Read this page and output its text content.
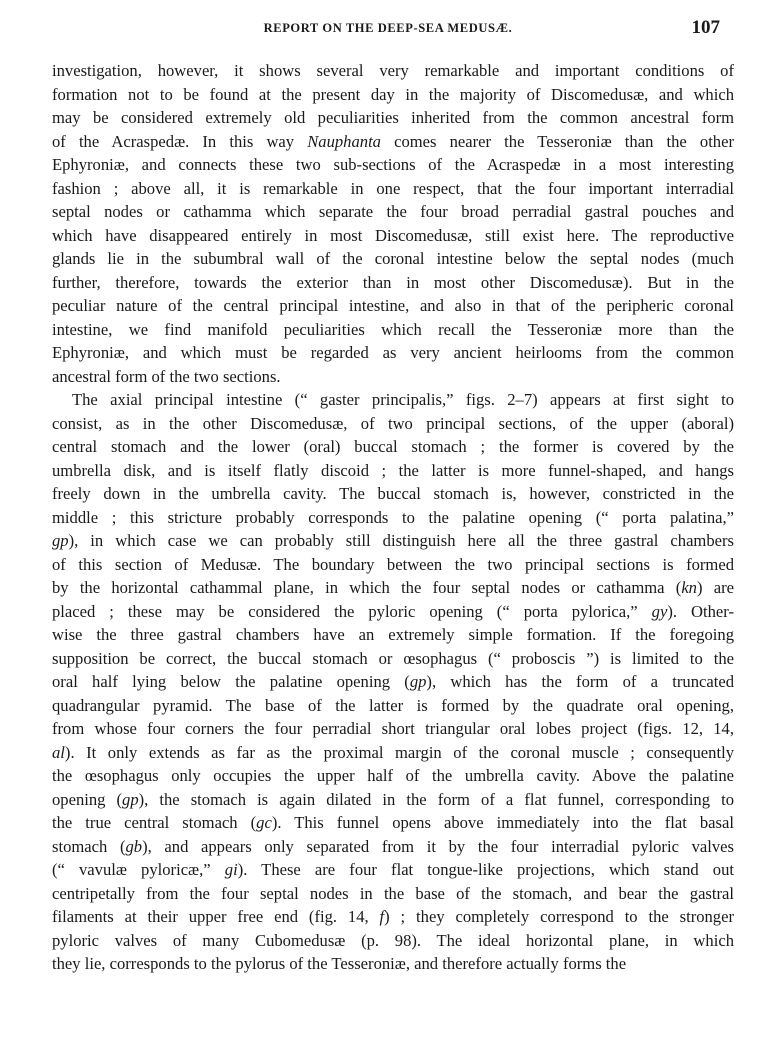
REPORT ON THE DEEP-SEA MEDUSÆ.	107
investigation, however, it shows several very remarkable and important conditions of
formation not to be found at the present day in the majority of Discomedusæ, and which
may be considered extremely old peculiarities inherited from the common ancestral form
of the Acraspedæ. In this way Nauphanta comes nearer the Tesseroniæ than the other
Ephyroniæ, and connects these two sub-sections of the Acraspedæ in a most interesting
fashion ; above all, it is remarkable in one respect, that the four important interradial
septal nodes or cathamma which separate the four broad perradial gastral pouches and
which have disappeared entirely in most Discomedusæ, still exist here. The reproductive
glands lie in the subumbral wall of the coronal intestine below the septal nodes (much
further, therefore, towards the exterior than in most other Discomedusæ). But in the
peculiar nature of the central principal intestine, and also in that of the peripheric coronal
intestine, we find manifold peculiarities which recall the Tesseroniæ more than the
Ephyroniæ, and which must be regarded as very ancient heirlooms from the common
ancestral form of the two sections.
The axial principal intestine (“ gaster principalis,” figs. 2–7) appears at first sight to
consist, as in the other Discomedusæ, of two principal sections, of the upper (aboral)
central stomach and the lower (oral) buccal stomach ; the former is covered by the
umbrella disk, and is itself flatly discoid ; the latter is more funnel-shaped, and hangs
freely down in the umbrella cavity. The buccal stomach is, however, constricted in the
middle ; this stricture probably corresponds to the palatine opening (“ porta palatina,”
gp), in which case we can probably still distinguish here all the three gastral chambers
of this section of Medusæ. The boundary between the two principal sections is formed
by the horizontal cathammal plane, in which the four septal nodes or cathamma (kn) are
placed ; these may be considered the pyloric opening (“ porta pylorica,” gy). Other-
wise the three gastral chambers have an extremely simple formation. If the foregoing
supposition be correct, the buccal stomach or œsophagus (“ proboscis ”) is limited to the
oral half lying below the palatine opening (gp), which has the form of a truncated
quadrangular pyramid. The base of the latter is formed by the quadrate oral opening,
from whose four corners the four perradial short triangular oral lobes project (figs. 12, 14,
al). It only extends as far as the proximal margin of the coronal muscle ; consequently
the œsophagus only occupies the upper half of the umbrella cavity. Above the palatine
opening (gp), the stomach is again dilated in the form of a flat funnel, corresponding to
the true central stomach (gc). This funnel opens above immediately into the flat basal
stomach (gb), and appears only separated from it by the four interradial pyloric valves
(“ vavulæ pyloricæ,” gi). These are four flat tongue-like projections, which stand out
centripetally from the four septal nodes in the base of the stomach, and bear the gastral
filaments at their upper free end (fig. 14, f) ; they completely correspond to the stronger
pyloric valves of many Cubomedusæ (p. 98). The ideal horizontal plane, in which
they lie, corresponds to the pylorus of the Tesseroniæ, and therefore actually forms the
